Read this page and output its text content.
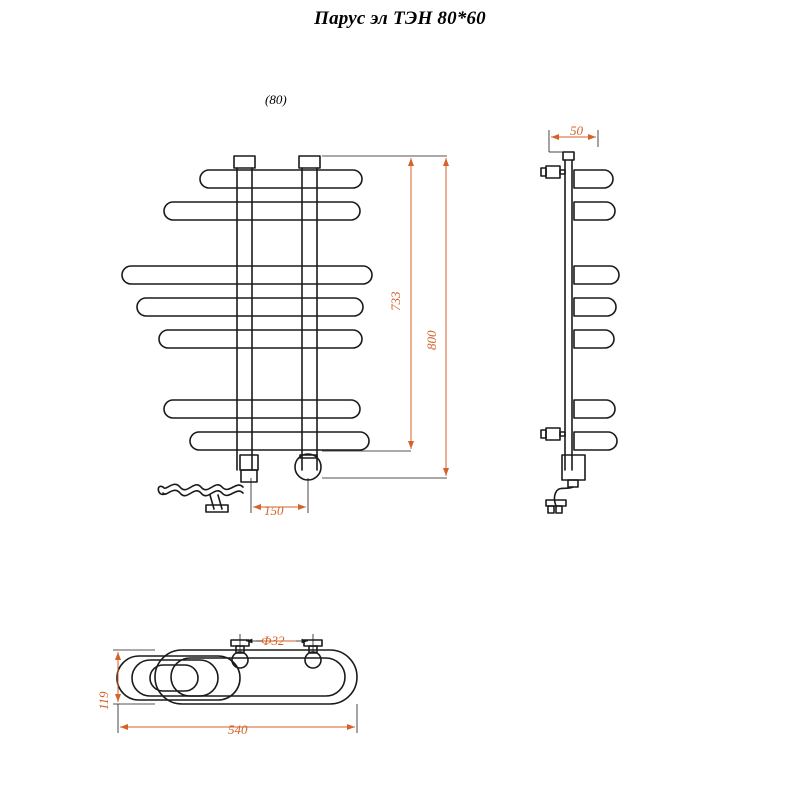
Парус эл ТЭН 80*60
(80)
733
800
150
50
119
540
Ф32
